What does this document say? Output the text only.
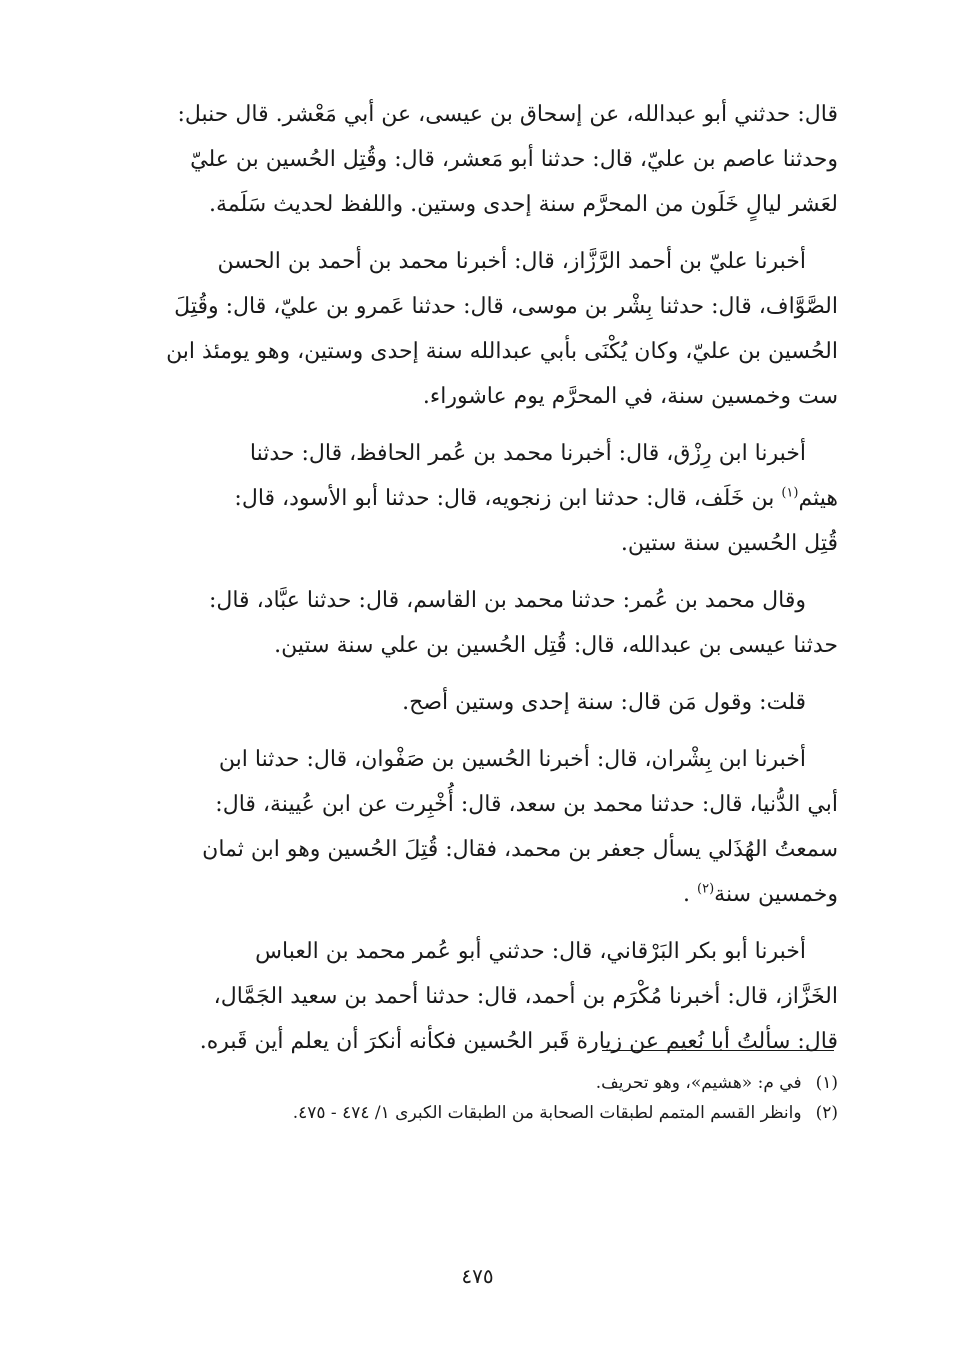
قال: حدثني أبو عبدالله، عن إسحاق بن عيسى، عن أبي مَعْشر. قال حنبل:
وحدثنا عاصم بن عليّ، قال: حدثنا أبو مَعشر، قال: وقُتِل الحُسين بن عليّ
لعَشر ليالٍ خَلَون من المحرَّم سنة إحدى وستين. واللفظ لحديث سَلَمة.

أخبرنا عليّ بن أحمد الرَّزَّاز، قال: أخبرنا محمد بن أحمد بن الحسن
الصَّوَّاف، قال: حدثنا بِشْر بن موسى، قال: حدثنا عَمرو بن عليّ، قال: وقُتِلَ
الحُسين بن عليّ، وكان يُكْنَى بأبي عبدالله سنة إحدى وستين، وهو يومئذ ابن
ست وخمسين سنة، في المحرَّم يوم عاشوراء.

أخبرنا ابن رِزْق، قال: أخبرنا محمد بن عُمر الحافظ، قال: حدثنا
هيثم$^{(١)}$ بن خَلَف، قال: حدثنا ابن زنجويه، قال: حدثنا أبو الأسود، قال:
قُتِل الحُسين سنة ستين.

وقال محمد بن عُمر: حدثنا محمد بن القاسم، قال: حدثنا عبَّاد، قال:
حدثنا عيسى بن عبدالله، قال: قُتِل الحُسين بن علي سنة ستين.

قلت: وقول مَن قال: سنة إحدى وستين أصح.

أخبرنا ابن بِشْران، قال: أخبرنا الحُسين بن صَفْوان، قال: حدثنا ابن
أبي الدُّنيا، قال: حدثنا محمد بن سعد، قال: أُخْبِرت عن ابن عُيينة، قال:
سمعتُ الهُذَلي يسأل جعفر بن محمد، فقال: قُتِلَ الحُسين وهو ابن ثمان
وخمسين سنة$^{(٢)}$ .

أخبرنا أبو بكر البَرْقاني، قال: حدثني أبو عُمر محمد بن العباس
الخَزَّاز، قال: أخبرنا مُكْرَم بن أحمد، قال: حدثنا أحمد بن سعيد الجَمَّال،
قال: سألتُ أبا نُعيم عن زيارة قَبر الحُسين فكأنه أنكرَ أن يعلم أين قَبره.

(١)في م: «هشيم»، وهو تحريف.
(٢)وانظر القسم المتمم لطبقات الصحابة من الطبقات الكبرى ١/ ٤٧٤ - ٤٧٥.
٤٧٥
